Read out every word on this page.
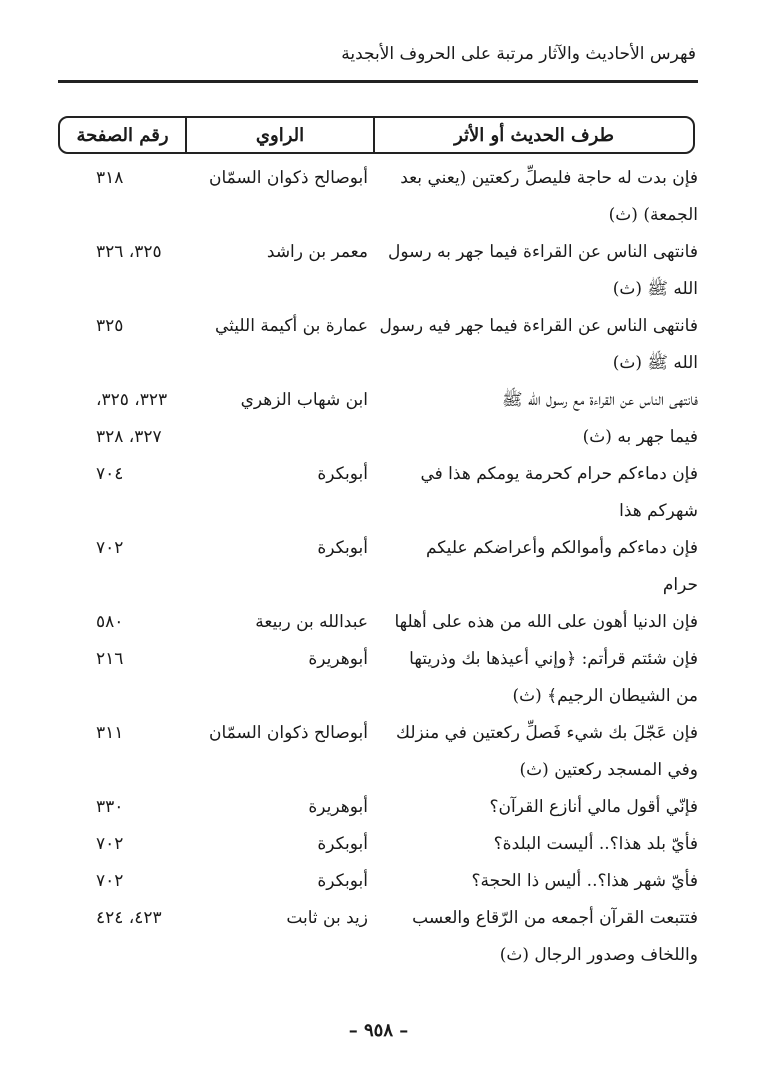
فهرس الأحاديث والآثار مرتبة على الحروف الأبجدية
طرف الحديث أو الأثر
الراوي
رقم الصفحة
فإن بدت له حاجة فليصلِّ ركعتين (يعني بعد
أبوصالح ذكوان السمّان
٣١٨
الجمعة) (ث)
فانتهى الناس عن القراءة فيما جهر به رسول
معمر بن راشد
٣٢٥، ٣٢٦
الله ﷺ (ث)
فانتهى الناس عن القراءة فيما جهر فيه رسول
عمارة بن أكيمة الليثي
٣٢٥
الله ﷺ (ث)
فانتهى الناس عن القراءة مع رسول الله ﷺ
ابن شهاب الزهري
٣٢٣، ٣٢٥،
فيما جهر به (ث)
٣٢٧، ٣٢٨
فإن دماءكم حرام كحرمة يومكم هذا في
أبوبكرة
٧٠٤
شهركم هذا
فإن دماءكم وأموالكم وأعراضكم عليكم
أبوبكرة
٧٠٢
حرام
فإن الدنيا أهون على الله من هذه على أهلها
عبدالله بن ربيعة
٥٨٠
فإن شئتم قرأتم: ﴿وإني أعيذها بك وذريتها
أبوهريرة
٢١٦
من الشيطان الرجيم﴾ (ث)
فإن عَجّلَ بك شيء فَصلِّ ركعتين في منزلك
أبوصالح ذكوان السمّان
٣١١
وفي المسجد ركعتين (ث)
فإنّي أقول مالي أنازع القرآن؟
أبوهريرة
٣٣٠
فأيّ بلد هذا؟.. أليست البلدة؟
أبوبكرة
٧٠٢
فأيّ شهر هذا؟.. أليس ذا الحجة؟
أبوبكرة
٧٠٢
فتتبعت القرآن أجمعه من الرّقاع والعسب
زيد بن ثابت
٤٢٣، ٤٢٤
واللخاف وصدور الرجال (ث)
– ٩٥٨ –
